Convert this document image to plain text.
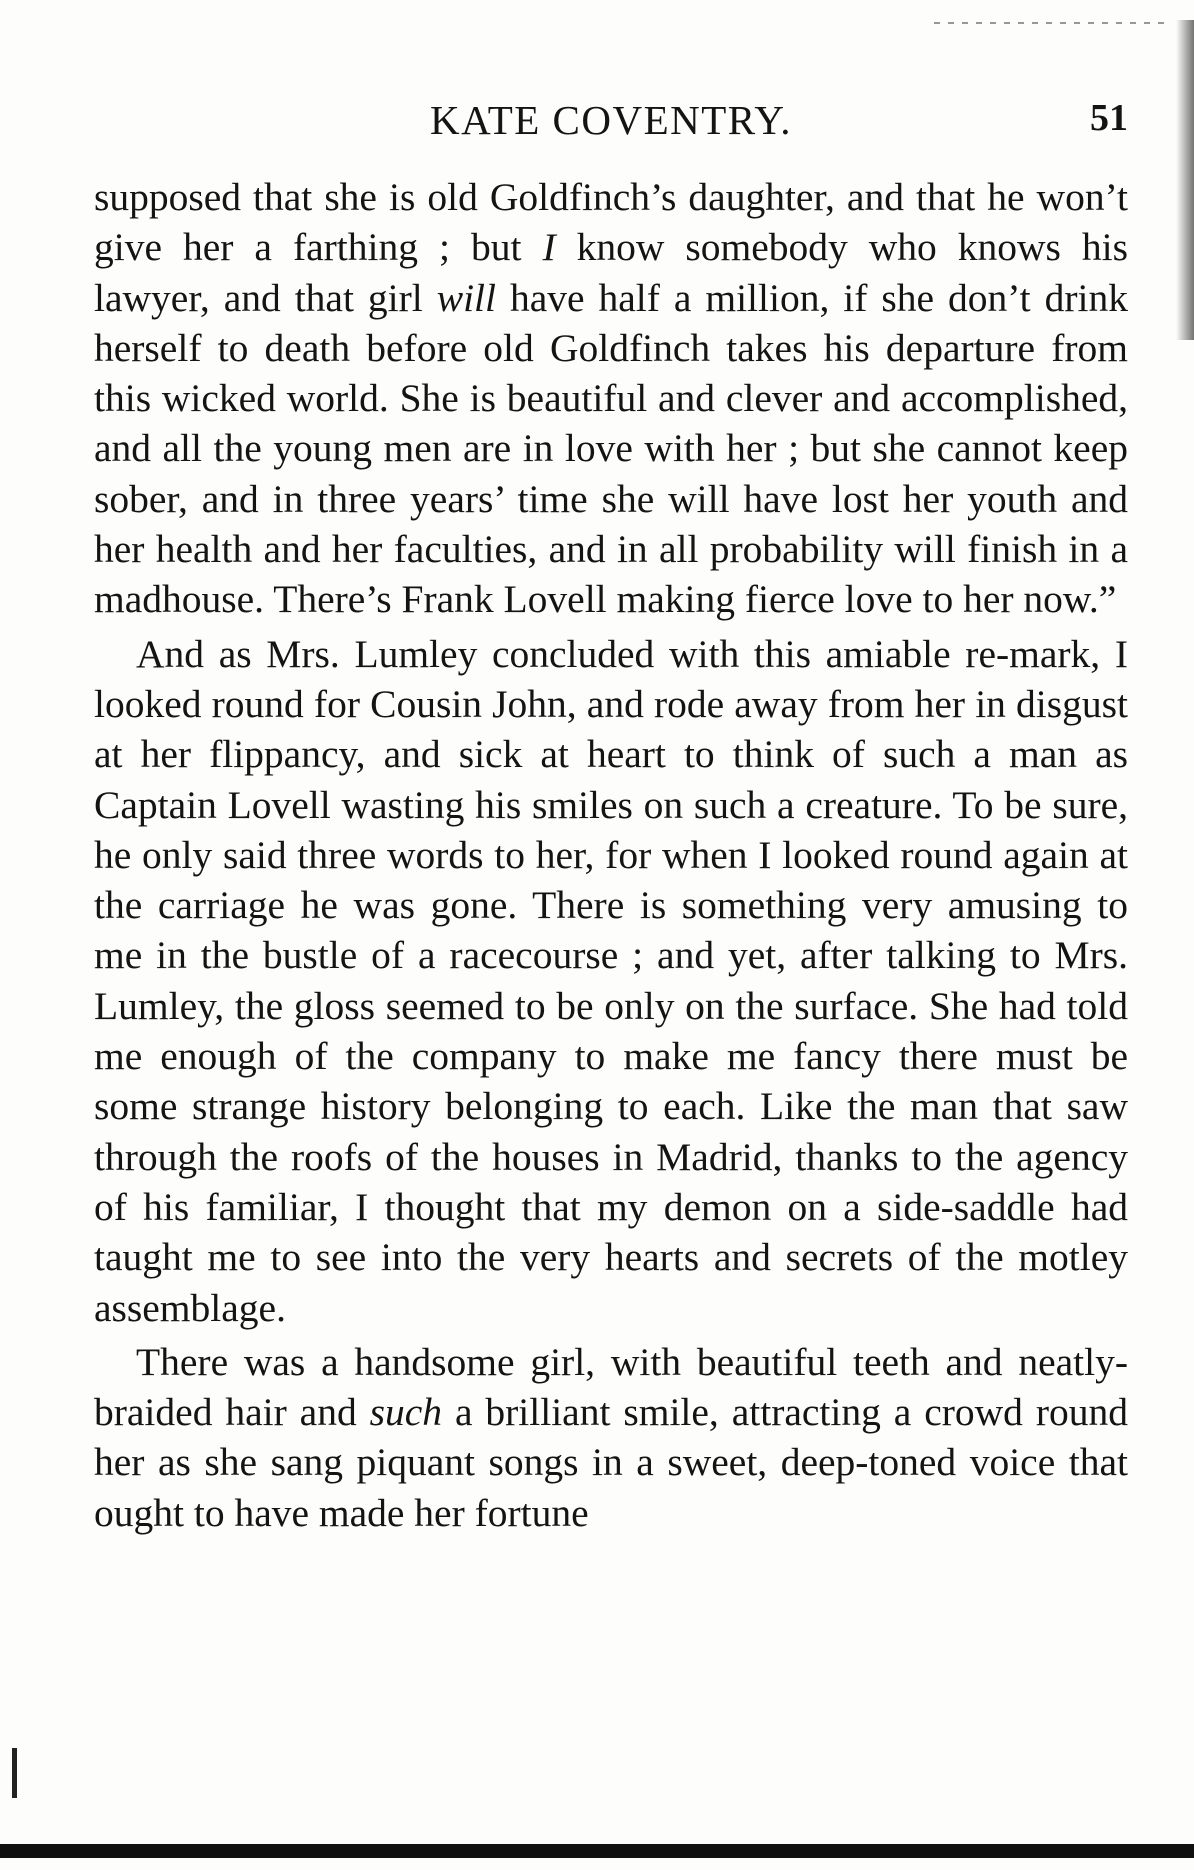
KATE COVENTRY.	51

supposed that she is old Goldfinch’s daughter, and that he won’t give her a farthing ; but I know somebody who knows his lawyer, and that girl will have half a million, if she don’t drink herself to death before old Goldfinch takes his departure from this wicked world. She is beautiful and clever and accomplished, and all the young men are in love with her ; but she cannot keep sober, and in three years’ time she will have lost her youth and her health and her faculties, and in all probability will finish in a madhouse. There’s Frank Lovell making fierce love to her now.”

And as Mrs. Lumley concluded with this amiable re-mark, I looked round for Cousin John, and rode away from her in disgust at her flippancy, and sick at heart to think of such a man as Captain Lovell wasting his smiles on such a creature. To be sure, he only said three words to her, for when I looked round again at the carriage he was gone. There is something very amusing to me in the bustle of a racecourse ; and yet, after talking to Mrs. Lumley, the gloss seemed to be only on the surface. She had told me enough of the company to make me fancy there must be some strange history belonging to each. Like the man that saw through the roofs of the houses in Madrid, thanks to the agency of his familiar, I thought that my demon on a side-saddle had taught me to see into the very hearts and secrets of the motley assemblage.

There was a handsome girl, with beautiful teeth and neatly-braided hair and such a brilliant smile, attracting a crowd round her as she sang piquant songs in a sweet, deep-toned voice that ought to have made her fortune
